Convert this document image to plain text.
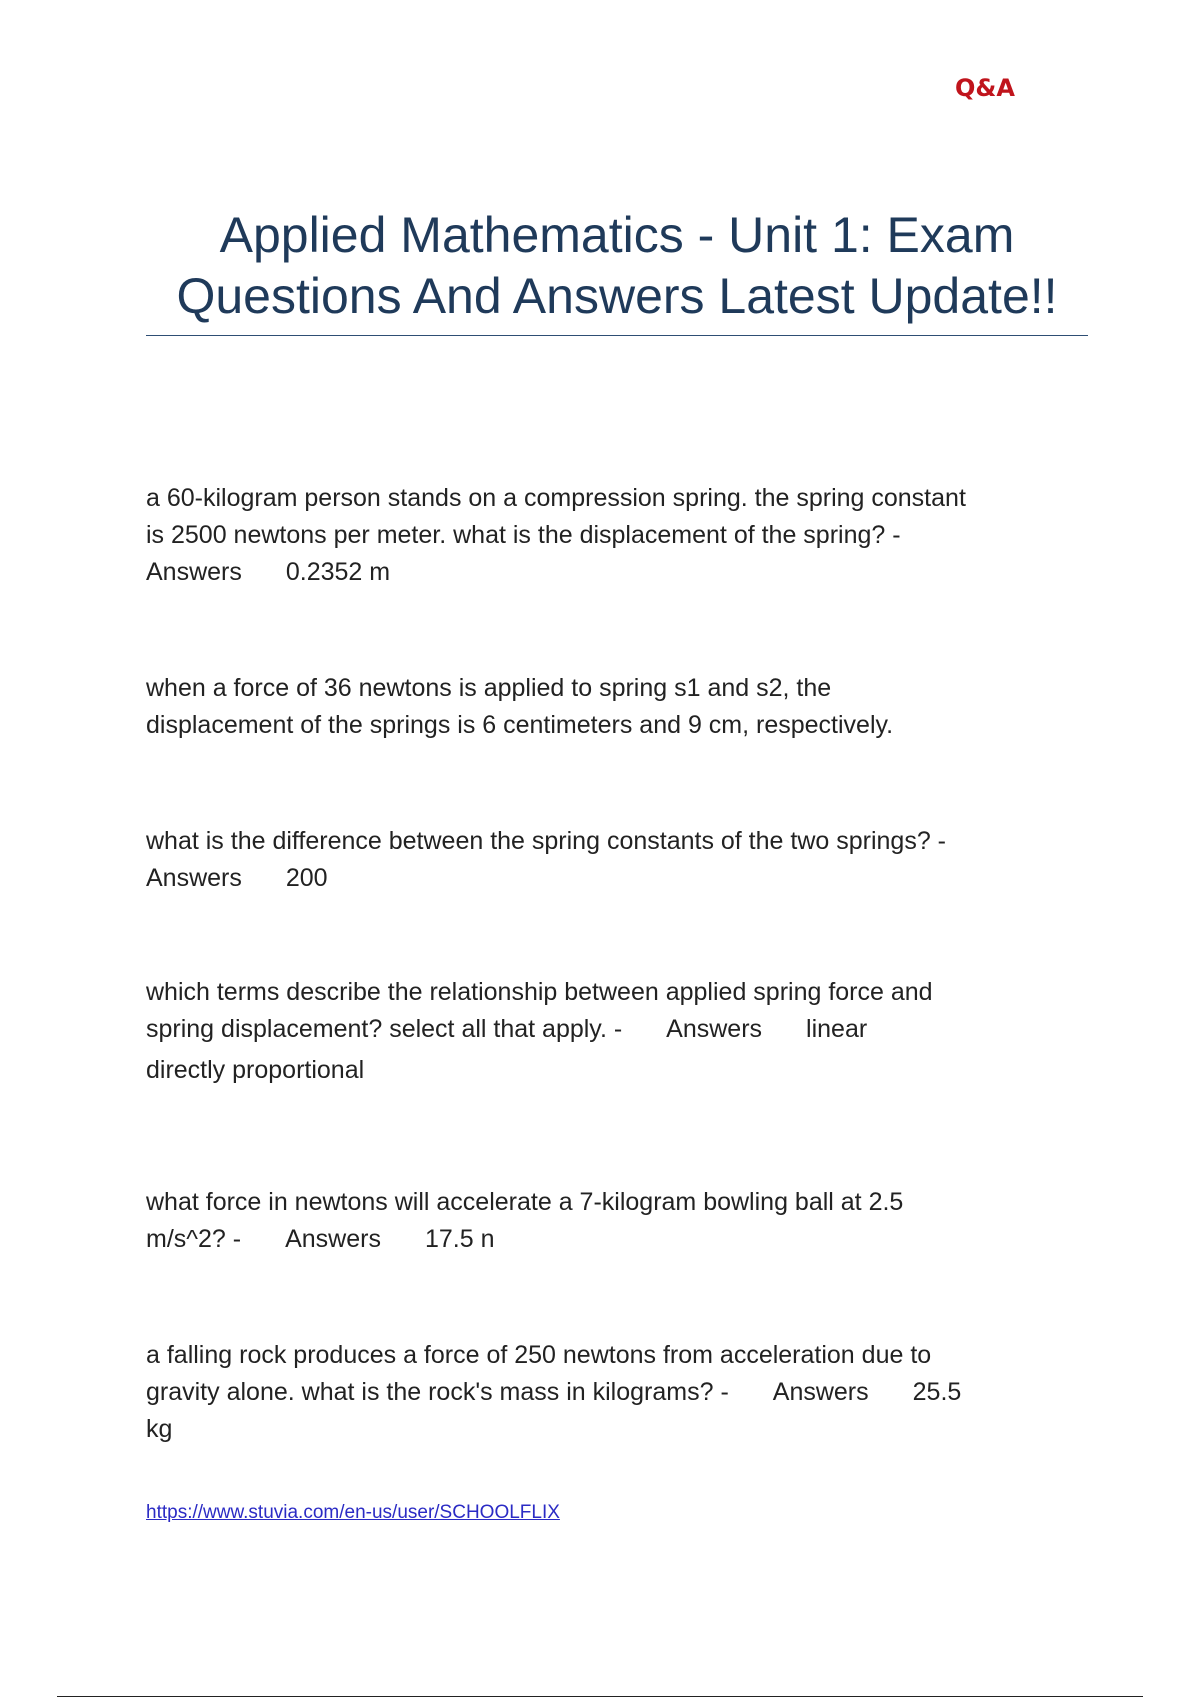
Q&A
Applied Mathematics - Unit 1: Exam
Questions And Answers Latest Update!!
a 60-kilogram person stands on a compression spring. the spring constant
is 2500 newtons per meter. what is the displacement of the spring? -
Answers 0.2352 m
when a force of 36 newtons is applied to spring s1 and s2, the
displacement of the springs is 6 centimeters and 9 cm, respectively.
what is the difference between the spring constants of the two springs? -
Answers 200
which terms describe the relationship between applied spring force and
spring displacement? select all that apply. - Answers linear
directly proportional
what force in newtons will accelerate a 7-kilogram bowling ball at 2.5
m/s^2? - Answers 17.5 n
a falling rock produces a force of 250 newtons from acceleration due to
gravity alone. what is the rock's mass in kilograms? - Answers 25.5
kg
https://www.stuvia.com/en-us/user/SCHOOLFLIX
